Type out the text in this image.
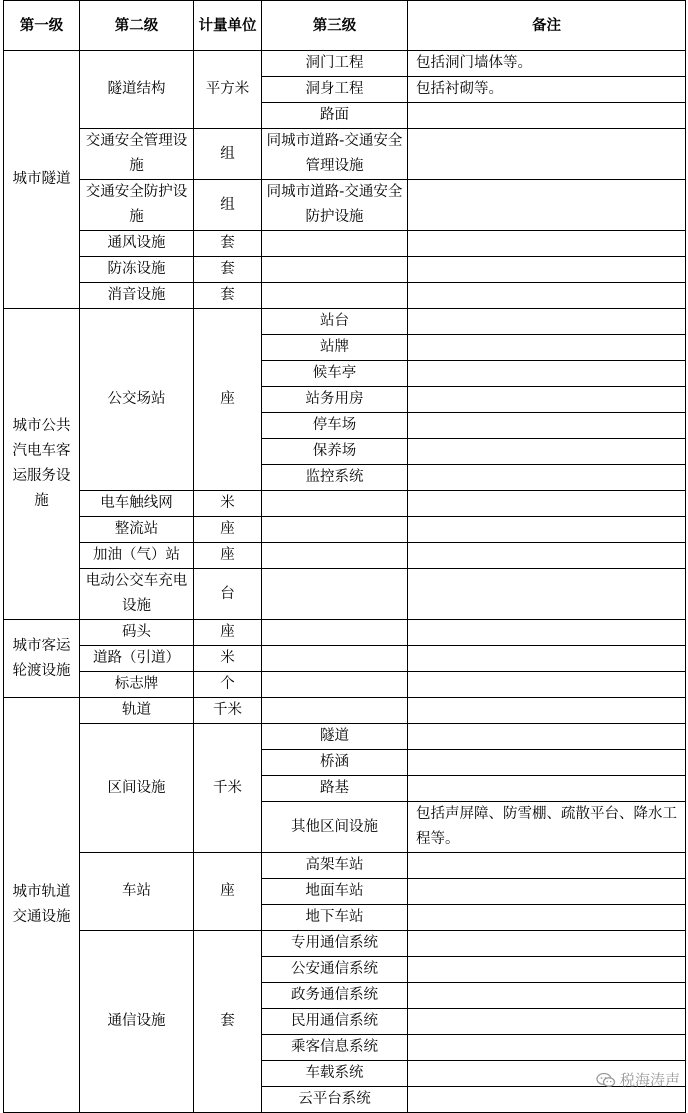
第一级	第二级	计量单位	第三级	备注
城市隧道	隧道结构	平方米	洞门工程	包括洞门墙体等。
			洞身工程	包括衬砌等。
			路面	
	交通安全管理设施	组	同城市道路-交通安全管理设施	
	交通安全防护设施	组	同城市道路-交通安全防护设施	
	通风设施	套		
	防冻设施	套		
	消音设施	套		
城市公共汽电车客运服务设施	公交场站	座	站台	
			站牌	
			候车亭	
			站务用房	
			停车场	
			保养场	
			监控系统	
	电车触线网	米		
	整流站	座		
	加油（气）站	座		
	电动公交车充电设施	台		
城市客运轮渡设施	码头	座		
	道路（引道）	米		
	标志牌	个		
城市轨道交通设施	轨道	千米		
	区间设施	千米	隧道	
			桥涵	
			路基	
			其他区间设施	包括声屏障、防雪棚、疏散平台、降水工程等。
	车站	座	高架车站	
			地面车站	
			地下车站	
	通信设施	套	专用通信系统	
			公安通信系统	
			政务通信系统	
			民用通信系统	
			乘客信息系统	
			车载系统	
			云平台系统	
税海涛声
